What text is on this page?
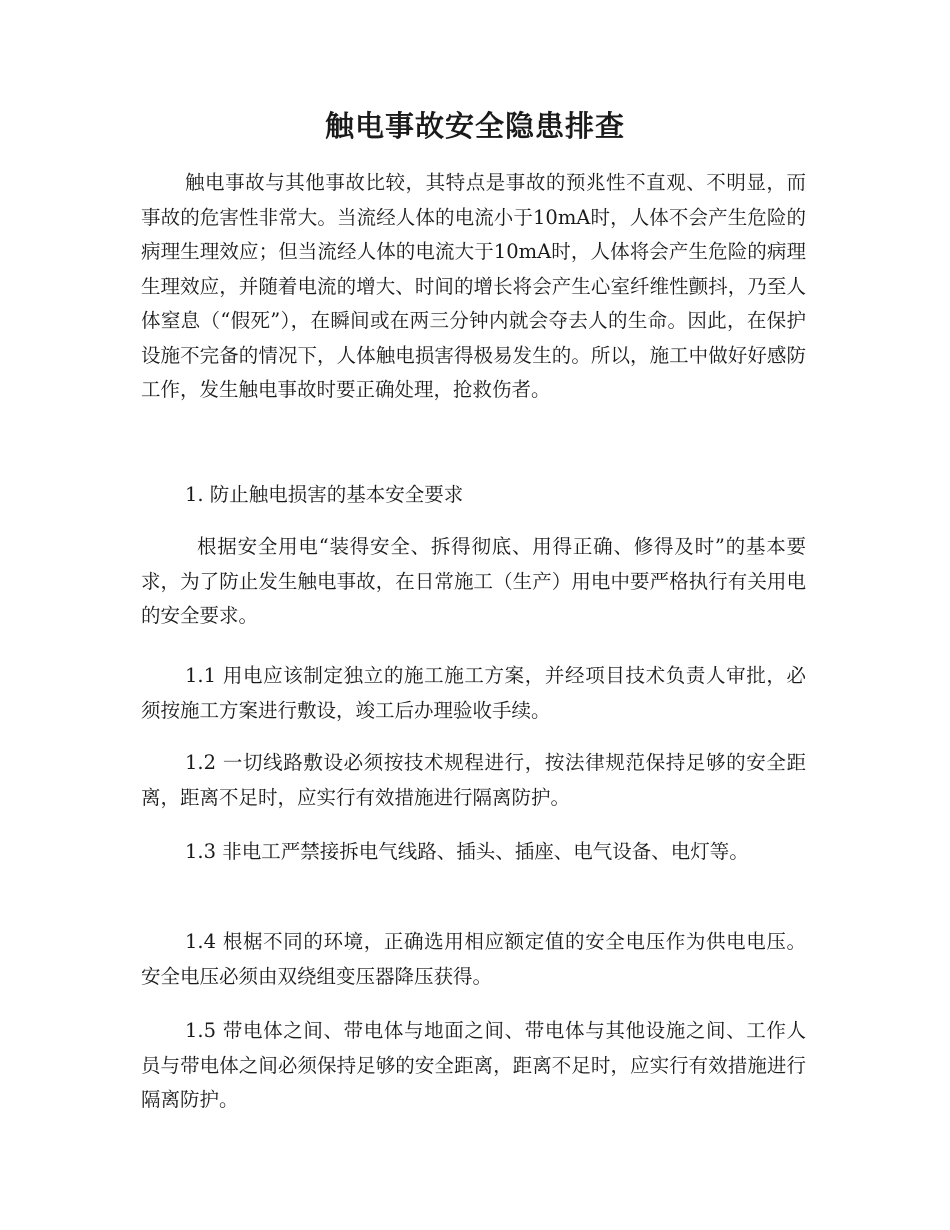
触电事故安全隐患排查

触电事故与其他事故比较，其特点是事故的预兆性不直观、不明显，而事故的危害性非常大。当流经人体的电流小于10mA时，人体不会产生危险的病理生理效应；但当流经人体的电流大于10mA时，人体将会产生危险的病理生理效应，并随着电流的增大、时间的增长将会产生心室纤维性颤抖，乃至人体窒息（“假死”），在瞬间或在两三分钟内就会夺去人的生命。因此，在保护设施不完备的情况下，人体触电损害得极易发生的。所以，施工中做好好感防工作，发生触电事故时要正确处理，抢救伤者。

1. 防止触电损害的基本安全要求

根据安全用电“装得安全、拆得彻底、用得正确、修得及时”的基本要求，为了防止发生触电事故，在日常施工（生产）用电中要严格执行有关用电的安全要求。

1.1 用电应该制定独立的施工施工方案，并经项目技术负责人审批，必须按施工方案进行敷设，竣工后办理验收手续。

1.2 一切线路敷设必须按技术规程进行，按法律规范保持足够的安全距离，距离不足时，应实行有效措施进行隔离防护。

1.3 非电工严禁接拆电气线路、插头、插座、电气设备、电灯等。

1.4 根椐不同的环境，正确选用相应额定值的安全电压作为供电电压。安全电压必须由双绕组变压器降压获得。

1.5 带电体之间、带电体与地面之间、带电体与其他设施之间、工作人员与带电体之间必须保持足够的安全距离，距离不足时，应实行有效措施进行隔离防护。
